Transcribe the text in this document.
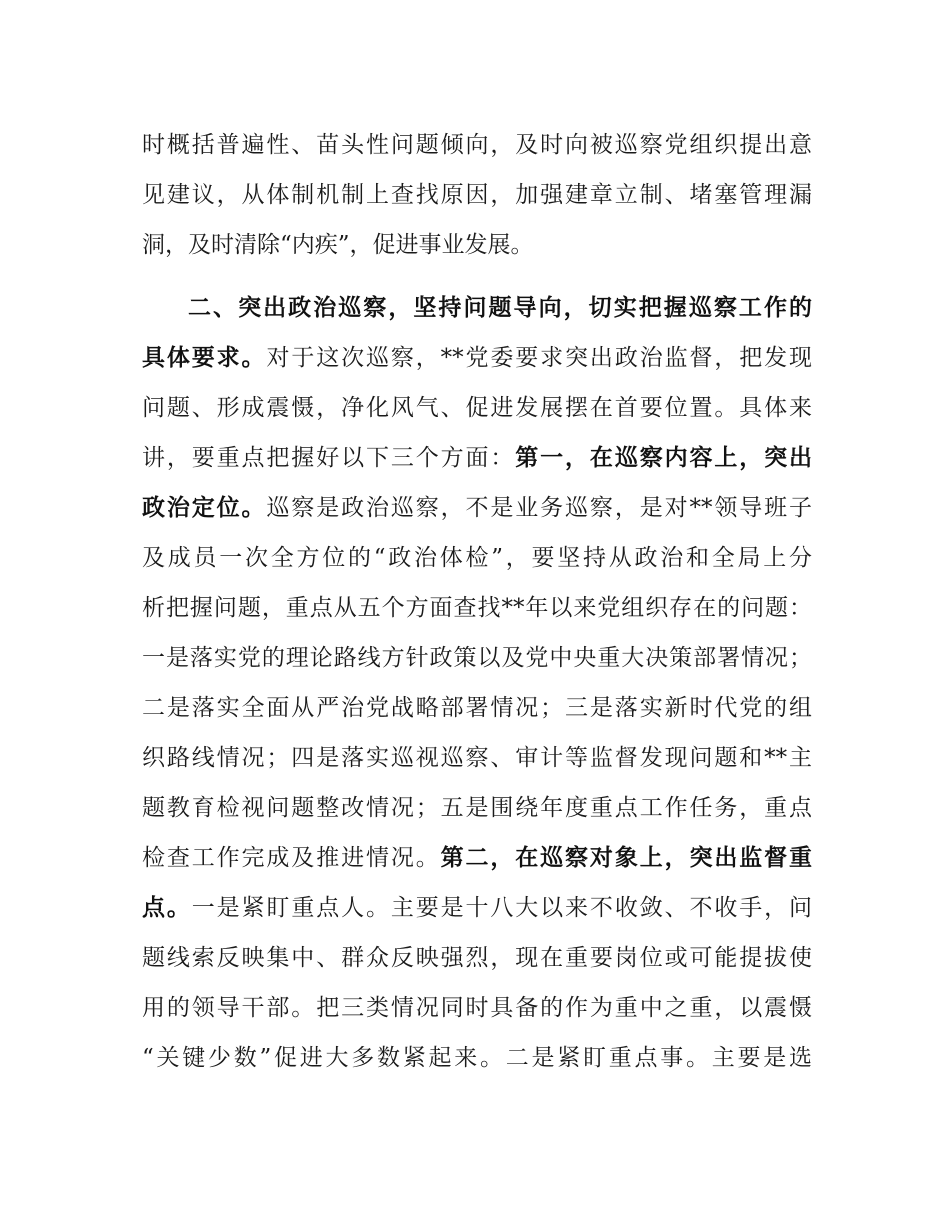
时概括普遍性、苗头性问题倾向，及时向被巡察党组织提出意
见建议，从体制机制上查找原因，加强建章立制、堵塞管理漏
洞，及时清除“内疾”，促进事业发展。
二、突出政治巡察，坚持问题导向，切实把握巡察工作的
具体要求。对于这次巡察，**党委要求突出政治监督，把发现
问题、形成震慑，净化风气、促进发展摆在首要位置。具体来
讲，要重点把握好以下三个方面：第一，在巡察内容上，突出
政治定位。巡察是政治巡察，不是业务巡察，是对**领导班子
及成员一次全方位的“政治体检”，要坚持从政治和全局上分
析把握问题，重点从五个方面查找**年以来党组织存在的问题：
一是落实党的理论路线方针政策以及党中央重大决策部署情况；
二是落实全面从严治党战略部署情况；三是落实新时代党的组
织路线情况；四是落实巡视巡察、审计等监督发现问题和**主
题教育检视问题整改情况；五是围绕年度重点工作任务，重点
检查工作完成及推进情况。第二，在巡察对象上，突出监督重
点。一是紧盯重点人。主要是十八大以来不收敛、不收手，问
题线索反映集中、群众反映强烈，现在重要岗位或可能提拔使
用的领导干部。把三类情况同时具备的作为重中之重，以震慑
“关键少数”促进大多数紧起来。二是紧盯重点事。主要是选
